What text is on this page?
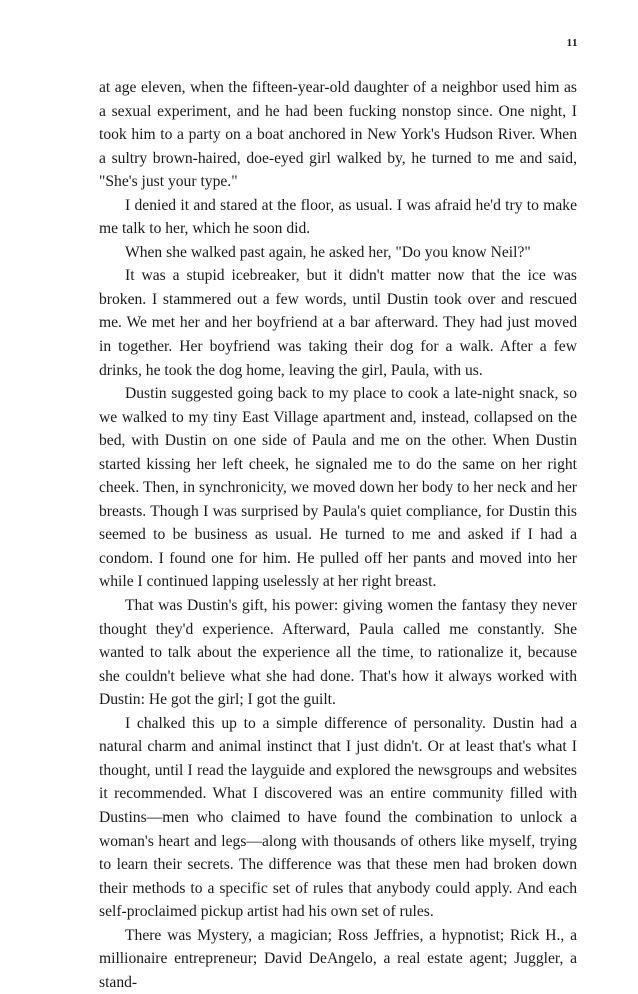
11

at age eleven, when the fifteen-year-old daughter of a neighbor used him as a sexual experiment, and he had been fucking nonstop since. One night, I took him to a party on a boat anchored in New York's Hudson River. When a sultry brown-haired, doe-eyed girl walked by, he turned to me and said, "She's just your type."

I denied it and stared at the floor, as usual. I was afraid he'd try to make me talk to her, which he soon did.

When she walked past again, he asked her, "Do you know Neil?"

It was a stupid icebreaker, but it didn't matter now that the ice was broken. I stammered out a few words, until Dustin took over and rescued me. We met her and her boyfriend at a bar afterward. They had just moved in together. Her boyfriend was taking their dog for a walk. After a few drinks, he took the dog home, leaving the girl, Paula, with us.

Dustin suggested going back to my place to cook a late-night snack, so we walked to my tiny East Village apartment and, instead, collapsed on the bed, with Dustin on one side of Paula and me on the other. When Dustin started kissing her left cheek, he signaled me to do the same on her right cheek. Then, in synchronicity, we moved down her body to her neck and her breasts. Though I was surprised by Paula's quiet compliance, for Dustin this seemed to be business as usual. He turned to me and asked if I had a condom. I found one for him. He pulled off her pants and moved into her while I continued lapping uselessly at her right breast.

That was Dustin's gift, his power: giving women the fantasy they never thought they'd experience. Afterward, Paula called me constantly. She wanted to talk about the experience all the time, to rationalize it, because she couldn't believe what she had done. That's how it always worked with Dustin: He got the girl; I got the guilt.

I chalked this up to a simple difference of personality. Dustin had a natural charm and animal instinct that I just didn't. Or at least that's what I thought, until I read the layguide and explored the newsgroups and websites it recommended. What I discovered was an entire community filled with Dustins—men who claimed to have found the combination to unlock a woman's heart and legs—along with thousands of others like myself, trying to learn their secrets. The difference was that these men had broken down their methods to a specific set of rules that anybody could apply. And each self-proclaimed pickup artist had his own set of rules.

There was Mystery, a magician; Ross Jeffries, a hypnotist; Rick H., a millionaire entrepreneur; David DeAngelo, a real estate agent; Juggler, a stand-
